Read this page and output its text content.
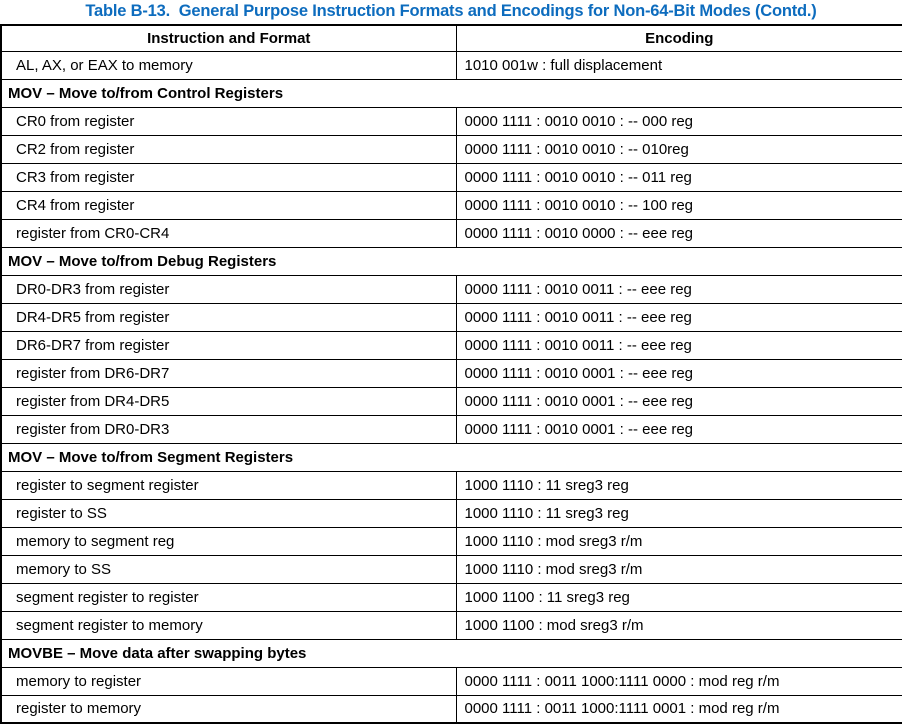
Table B-13.  General Purpose Instruction Formats and Encodings for Non-64-Bit Modes (Contd.)
Instruction and Format	Encoding
AL, AX, or EAX to memory	1010 001w : full displacement
MOV – Move to/from Control Registers	
CR0 from register	0000 1111 : 0010 0010 : -- 000 reg
CR2 from register	0000 1111 : 0010 0010 : -- 010reg
CR3 from register	0000 1111 : 0010 0010 : -- 011 reg
CR4 from register	0000 1111 : 0010 0010 : -- 100 reg
register from CR0-CR4	0000 1111 : 0010 0000 : -- eee reg
MOV – Move to/from Debug Registers	
DR0-DR3 from register	0000 1111 : 0010 0011 : -- eee reg
DR4-DR5 from register	0000 1111 : 0010 0011 : -- eee reg
DR6-DR7 from register	0000 1111 : 0010 0011 : -- eee reg
register from DR6-DR7	0000 1111 : 0010 0001 : -- eee reg
register from DR4-DR5	0000 1111 : 0010 0001 : -- eee reg
register from DR0-DR3	0000 1111 : 0010 0001 : -- eee reg
MOV – Move to/from Segment Registers	
register to segment register	1000 1110 : 11 sreg3 reg
register to SS	1000 1110 : 11 sreg3 reg
memory to segment reg	1000 1110 : mod sreg3 r/m
memory to SS	1000 1110 : mod sreg3 r/m
segment register to register	1000 1100 : 11 sreg3 reg
segment register to memory	1000 1100 : mod sreg3 r/m
MOVBE – Move data after swapping bytes	
memory to register	0000 1111 : 0011 1000:1111 0000 : mod reg r/m
register to memory	0000 1111 : 0011 1000:1111 0001 : mod reg r/m
